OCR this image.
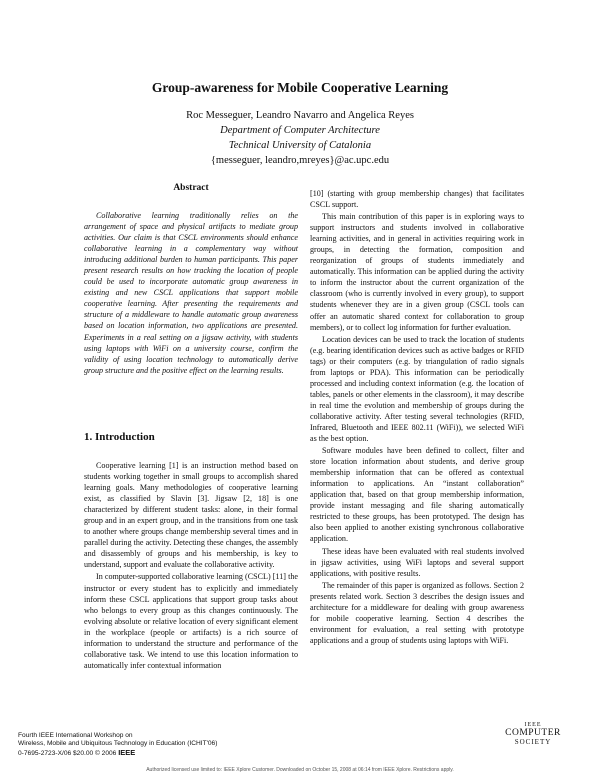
Group-awareness for Mobile Cooperative Learning
Roc Messeguer, Leandro Navarro and Angelica Reyes
Department of Computer Architecture
Technical University of Catalonia
{messeguer, leandro,mreyes}@ac.upc.edu
Abstract

Collaborative learning traditionally relies on the arrangement of space and physical artifacts to mediate group activities. Our claim is that CSCL environments should enhance collaborative learning in a complementary way without introducing additional burden to human participants. This paper present research results on how tracking the location of people could be used to incorporate automatic group awareness in existing and new CSCL applications that support mobile cooperative learning. After presenting the requirements and structure of a middleware to handle automatic group awareness based on location information, two applications are presented. Experiments in a real setting on a jigsaw activity, with students using laptops with WiFi on a university course, confirm the validity of using location technology to automatically derive group structure and the positive effect on the learning results.

1. Introduction

Cooperative learning [1] is an instruction method based on students working together in small groups to accomplish shared learning goals. Many methodologies of cooperative learning exist, as classified by Slavin [3]. Jigsaw [2, 18] is one characterized by different student tasks: alone, in their formal group and in an expert group, and in the transitions from one task to another where groups change membership several times and in parallel during the activity. Detecting these changes, the assembly and disassembly of groups and his membership, is key to understand, support and evaluate the collaborative activity.

In computer-supported collaborative learning (CSCL) [11] the instructor or every student has to explicitly and immediately inform these CSCL applications that support group tasks about who belongs to every group as this changes continuously. The evolving absolute or relative location of every significant element in the workplace (people or artifacts) is a rich source of information to understand the structure and performance of the collaborative task. We intend to use this location information to automatically infer contextual information

[10] (starting with group membership changes) that facilitates CSCL support.

This main contribution of this paper is in exploring ways to support instructors and students involved in collaborative learning activities, and in general in activities requiring work in groups, in detecting the formation, composition and reorganization of groups of students immediately and automatically. This information can be applied during the activity to inform the instructor about the current organization of the classroom (who is currently involved in every group), to support students whenever they are in a given group (CSCL tools can offer an automatic shared context for collaboration to group members), or to collect log information for further evaluation.

Location devices can be used to track the location of students (e.g. bearing identification devices such as active badges or RFID tags) or their computers (e.g. by triangulation of radio signals from laptops or PDA). This information can be periodically processed and including context information (e.g. the location of tables, panels or other elements in the classroom), it may describe in real time the evolution and membership of groups during the collaborative activity. After testing several technologies (RFID, Infrared, Bluetooth and IEEE 802.11 (WiFi)), we selected WiFi as the best option.

Software modules have been defined to collect, filter and store location information about students, and derive group membership information that can be offered as contextual information to applications. An “instant collaboration” application that, based on that group membership information, provide instant messaging and file sharing automatically restricted to these groups, has been prototyped. The design has also been applied to another existing synchronous collaborative application.

These ideas have been evaluated with real students involved in jigsaw activities, using WiFi laptops and several support applications, with positive results.

The remainder of this paper is organized as follows. Section 2 presents related work. Section 3 describes the design issues and architecture for a middleware for dealing with group awareness for mobile cooperative learning. Section 4 describes the environment for evaluation, a real setting with prototype applications and a group of students using laptops with WiFi.

Fourth IEEE International Workshop on
Wireless, Mobile and Ubiquitous Technology in Education (ICHIT'06)
0-7695-2723-X/06 $20.00 © 2006 IEEE
IEEE
COMPUTER
SOCIETY
Authorized licensed use limited to: IEEE Xplore Customer. Downloaded on October 15, 2008 at 06:14 from IEEE Xplore. Restrictions apply.
